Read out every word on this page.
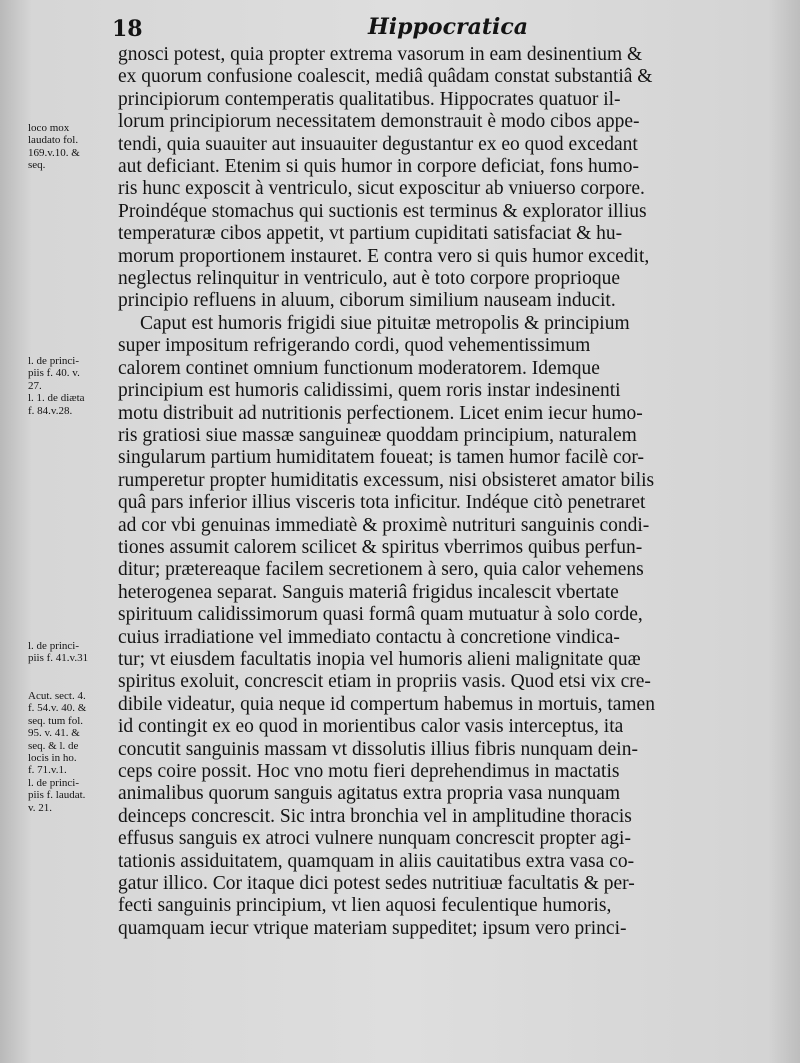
18	Hippocratica
gnosci potest, quia propter extrema vasorum in eam desinentium &
ex quorum confusione coalescit, mediâ quâdam constat substantiâ &
principiorum contemperatis qualitatibus. Hippocrates quatuor il-
lorum principiorum necessitatem demonstrauit è modo cibos appe-
tendi, quia suauiter aut insuauiter degustantur ex eo quod excedant
aut deficiant. Etenim si quis humor in corpore deficiat, fons humo-
ris hunc exposcit à ventriculo, sicut exposcitur ab vniuerso corpore.
Proindéque stomachus qui suctionis est terminus & explorator illius
temperaturæ cibos appetit, vt partium cupiditati satisfaciat & hu-
morum proportionem instauret. E contra vero si quis humor excedit,
neglectus relinquitur in ventriculo, aut è toto corpore proprioque
principio refluens in aluum, ciborum similium nauseam inducit.
Caput est humoris frigidi siue pituitæ metropolis & principium
super impositum refrigerando cordi, quod vehementissimum
calorem continet omnium functionum moderatorem. Idemque
principium est humoris calidissimi, quem roris instar indesinenti
motu distribuit ad nutritionis perfectionem. Licet enim iecur humo-
ris gratiosi siue massæ sanguineæ quoddam principium, naturalem
singularum partium humiditatem foueat; is tamen humor facilè cor-
rumperetur propter humiditatis excessum, nisi obsisteret amator bilis
quâ pars inferior illius visceris tota inficitur. Indéque citò penetraret
ad cor vbi genuinas immediatè & proximè nutrituri sanguinis condi-
tiones assumit calorem scilicet & spiritus vberrimos quibus perfun-
ditur; prætereaque facilem secretionem à sero, quia calor vehemens
heterogenea separat. Sanguis materiâ frigidus incalescit vbertate
spirituum calidissimorum quasi formâ quam mutuatur à solo corde,
cuius irradiatione vel immediato contactu à concretione vindica-
tur; vt eiusdem facultatis inopia vel humoris alieni malignitate quæ
spiritus exoluit, concrescit etiam in propriis vasis. Quod etsi vix cre-
dibile videatur, quia neque id compertum habemus in mortuis, tamen
id contingit ex eo quod in morientibus calor vasis interceptus, ita
concutit sanguinis massam vt dissolutis illius fibris nunquam dein-
ceps coire possit. Hoc vno motu fieri deprehendimus in mactatis
animalibus quorum sanguis agitatus extra propria vasa nunquam
deinceps concrescit. Sic intra bronchia vel in amplitudine thoracis
effusus sanguis ex atroci vulnere nunquam concrescit propter agi-
tationis assiduitatem, quamquam in aliis cauitatibus extra vasa co-
gatur illico. Cor itaque dici potest sedes nutritiuæ facultatis & per-
fecti sanguinis principium, vt lien aquosi feculentique humoris,
quamquam iecur vtrique materiam suppeditet; ipsum vero princi-
loco mox
laudato fol.
169.v.10. &
seq.
l. de princi-
piis f. 40. v.
27.
l. 1. de diæta
f. 84.v.28.
l. de princi-
piis f. 41.v.31
Acut. sect. 4.
f. 54.v. 40. &
seq. tum fol.
95. v. 41. &
seq. & l. de
locis in ho.
f. 71.v.1.
l. de princi-
piis f. laudat.
v. 21.
